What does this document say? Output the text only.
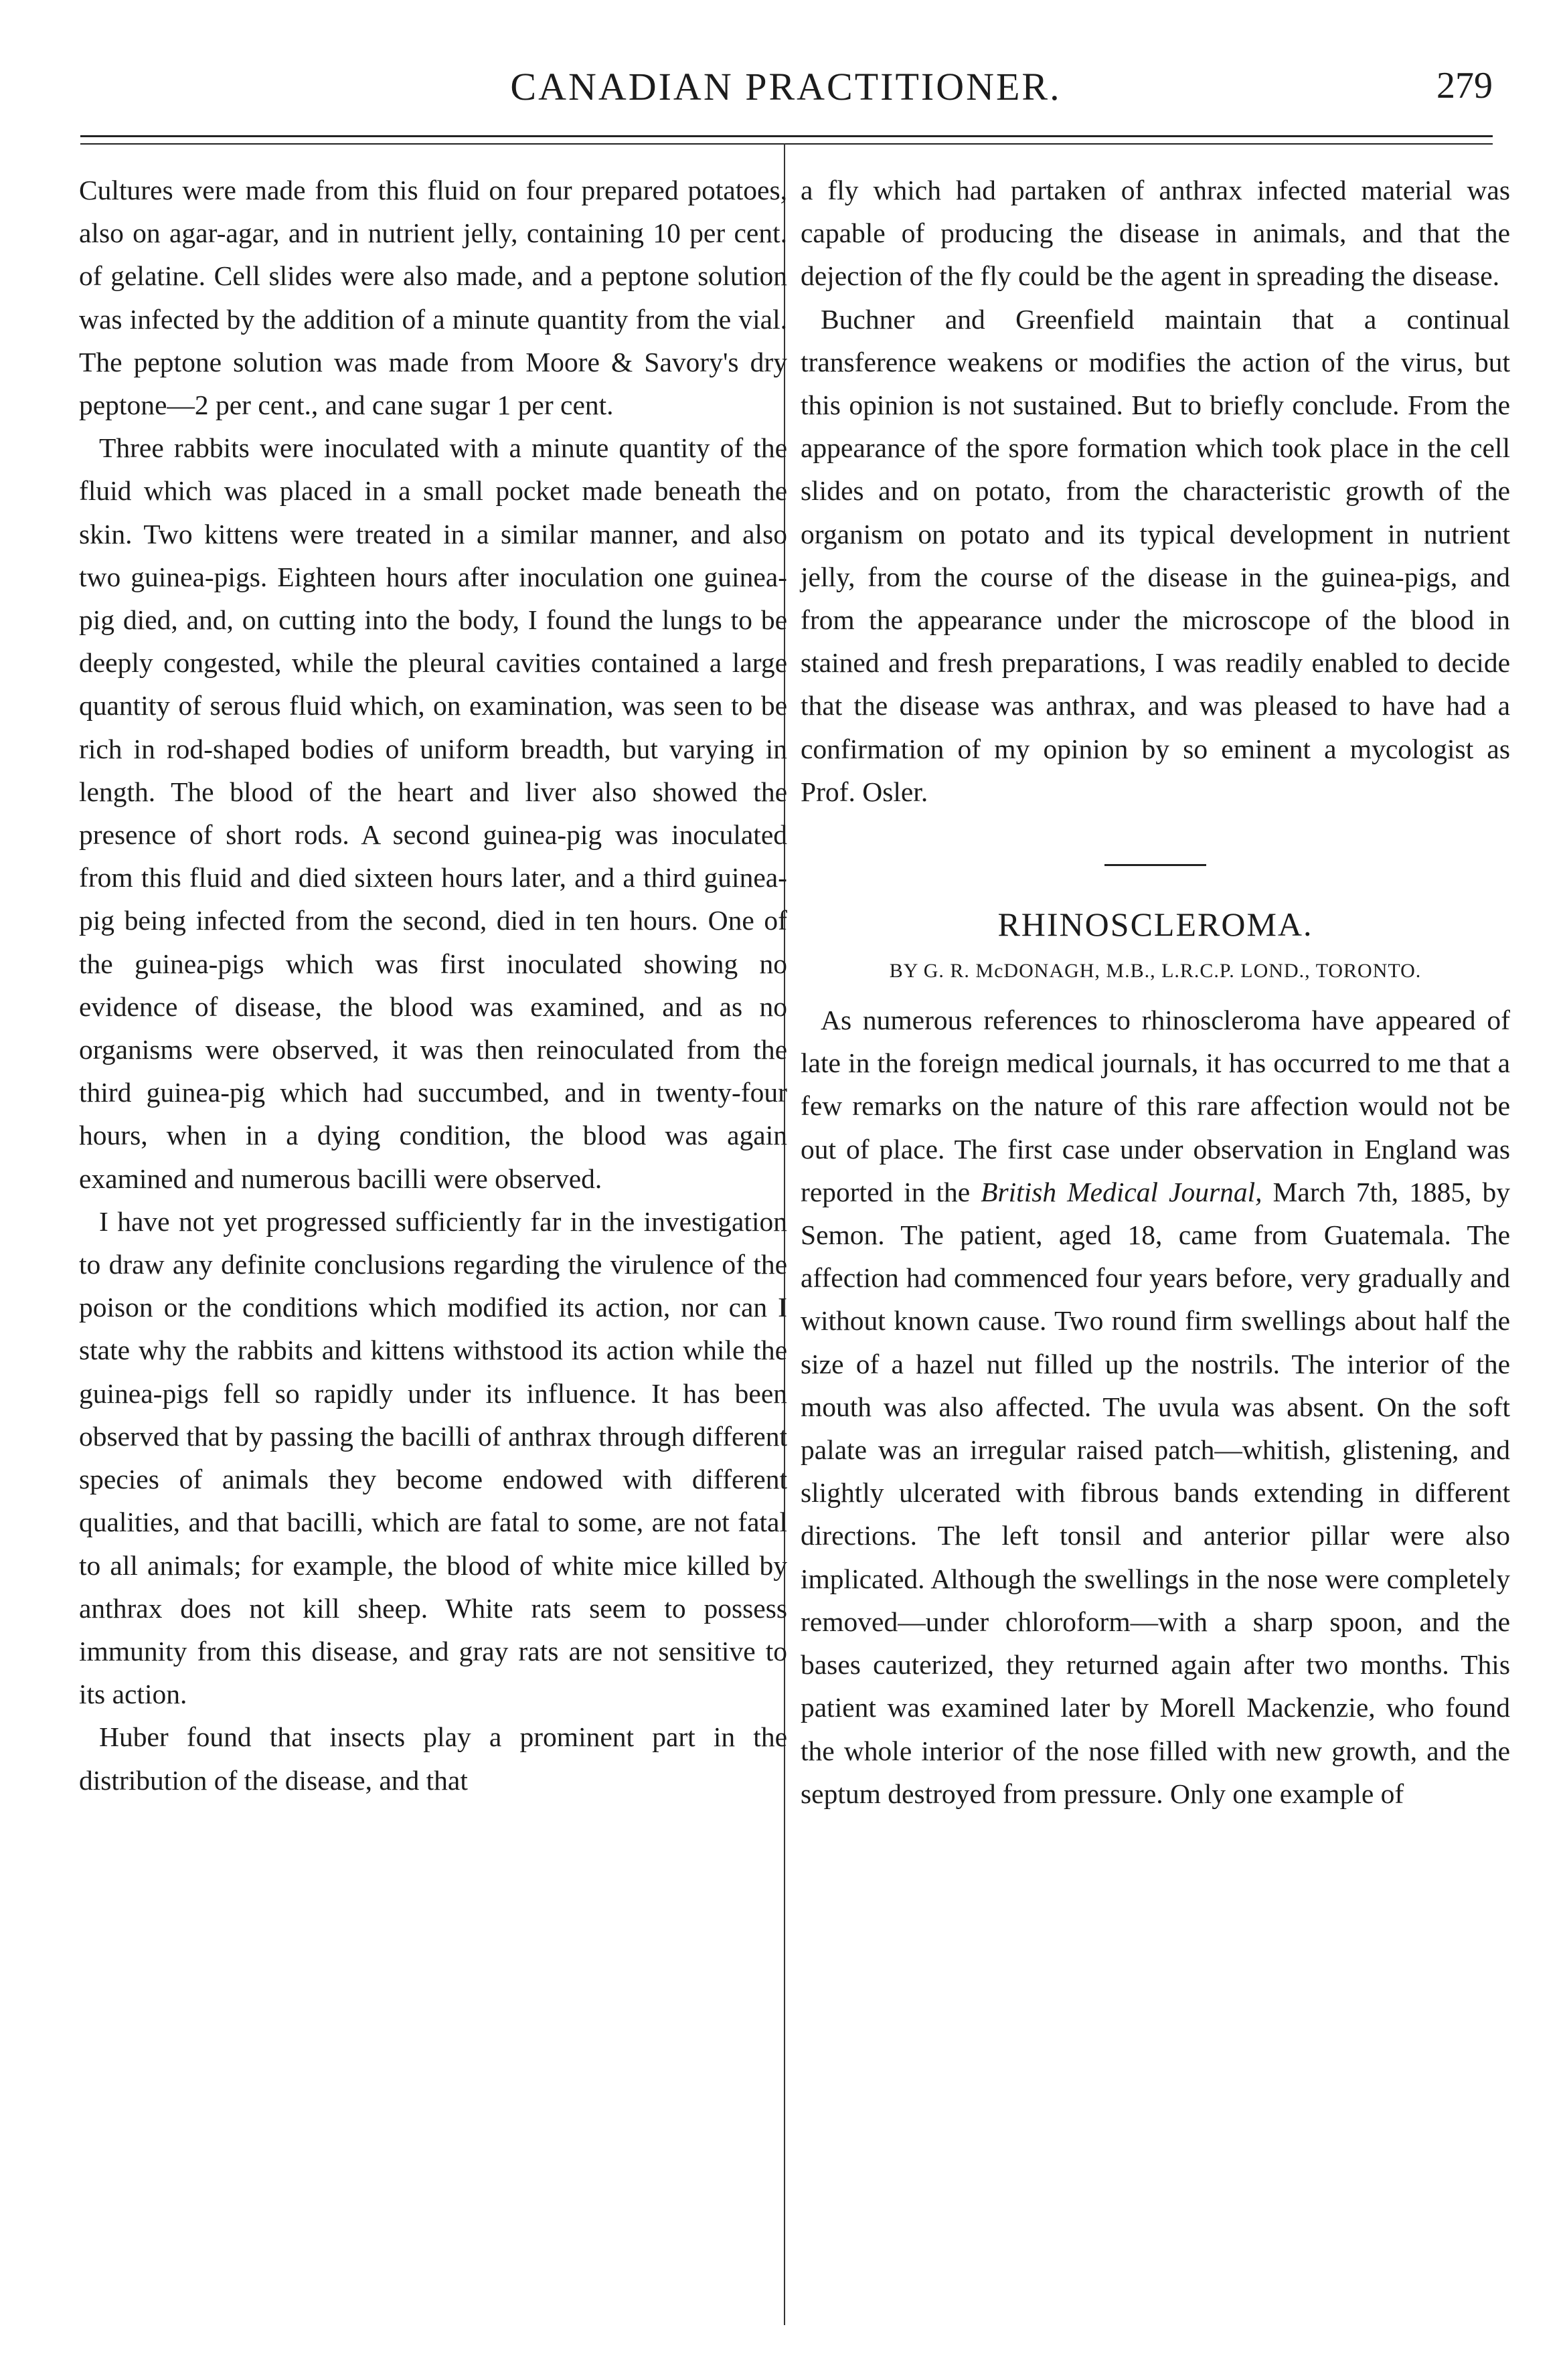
CANADIAN PRACTITIONER.	279

Cultures were made from this fluid on four prepared potatoes, also on agar-agar, and in nutrient jelly, containing 10 per cent. of gelatine. Cell slides were also made, and a peptone solution was infected by the addition of a minute quantity from the vial. The peptone solution was made from Moore & Savory's dry peptone—2 per cent., and cane sugar 1 per cent.

Three rabbits were inoculated with a minute quantity of the fluid which was placed in a small pocket made beneath the skin. Two kittens were treated in a similar manner, and also two guinea-pigs. Eighteen hours after inoculation one guinea-pig died, and, on cutting into the body, I found the lungs to be deeply congested, while the pleural cavities contained a large quantity of serous fluid which, on examination, was seen to be rich in rod-shaped bodies of uniform breadth, but varying in length. The blood of the heart and liver also showed the presence of short rods. A second guinea-pig was inoculated from this fluid and died sixteen hours later, and a third guinea-pig being infected from the second, died in ten hours. One of the guinea-pigs which was first inoculated showing no evidence of disease, the blood was examined, and as no organisms were observed, it was then reinoculated from the third guinea-pig which had succumbed, and in twenty-four hours, when in a dying condition, the blood was again examined and numerous bacilli were observed.

I have not yet progressed sufficiently far in the investigation to draw any definite conclusions regarding the virulence of the poison or the conditions which modified its action, nor can I state why the rabbits and kittens withstood its action while the guinea-pigs fell so rapidly under its influence. It has been observed that by passing the bacilli of anthrax through different species of animals they become endowed with different qualities, and that bacilli, which are fatal to some, are not fatal to all animals; for example, the blood of white mice killed by anthrax does not kill sheep. White rats seem to possess immunity from this disease, and gray rats are not sensitive to its action.

Huber found that insects play a prominent part in the distribution of the disease, and that

a fly which had partaken of anthrax infected material was capable of producing the disease in animals, and that the dejection of the fly could be the agent in spreading the disease.

Buchner and Greenfield maintain that a continual transference weakens or modifies the action of the virus, but this opinion is not sustained. But to briefly conclude. From the appearance of the spore formation which took place in the cell slides and on potato, from the characteristic growth of the organism on potato and its typical development in nutrient jelly, from the course of the disease in the guinea-pigs, and from the appearance under the microscope of the blood in stained and fresh preparations, I was readily enabled to decide that the disease was anthrax, and was pleased to have had a confirmation of my opinion by so eminent a mycologist as Prof. Osler.

RHINOSCLEROMA.
BY G. R. McDONAGH, M.B., L.R.C.P. LOND., TORONTO.

As numerous references to rhinoscleroma have appeared of late in the foreign medical journals, it has occurred to me that a few remarks on the nature of this rare affection would not be out of place. The first case under observation in England was reported in the British Medical Journal, March 7th, 1885, by Semon. The patient, aged 18, came from Guatemala. The affection had commenced four years before, very gradually and without known cause. Two round firm swellings about half the size of a hazel nut filled up the nostrils. The interior of the mouth was also affected. The uvula was absent. On the soft palate was an irregular raised patch—whitish, glistening, and slightly ulcerated with fibrous bands extending in different directions. The left tonsil and anterior pillar were also implicated. Although the swellings in the nose were completely removed—under chloroform—with a sharp spoon, and the bases cauterized, they returned again after two months. This patient was examined later by Morell Mackenzie, who found the whole interior of the nose filled with new growth, and the septum destroyed from pressure. Only one example of
